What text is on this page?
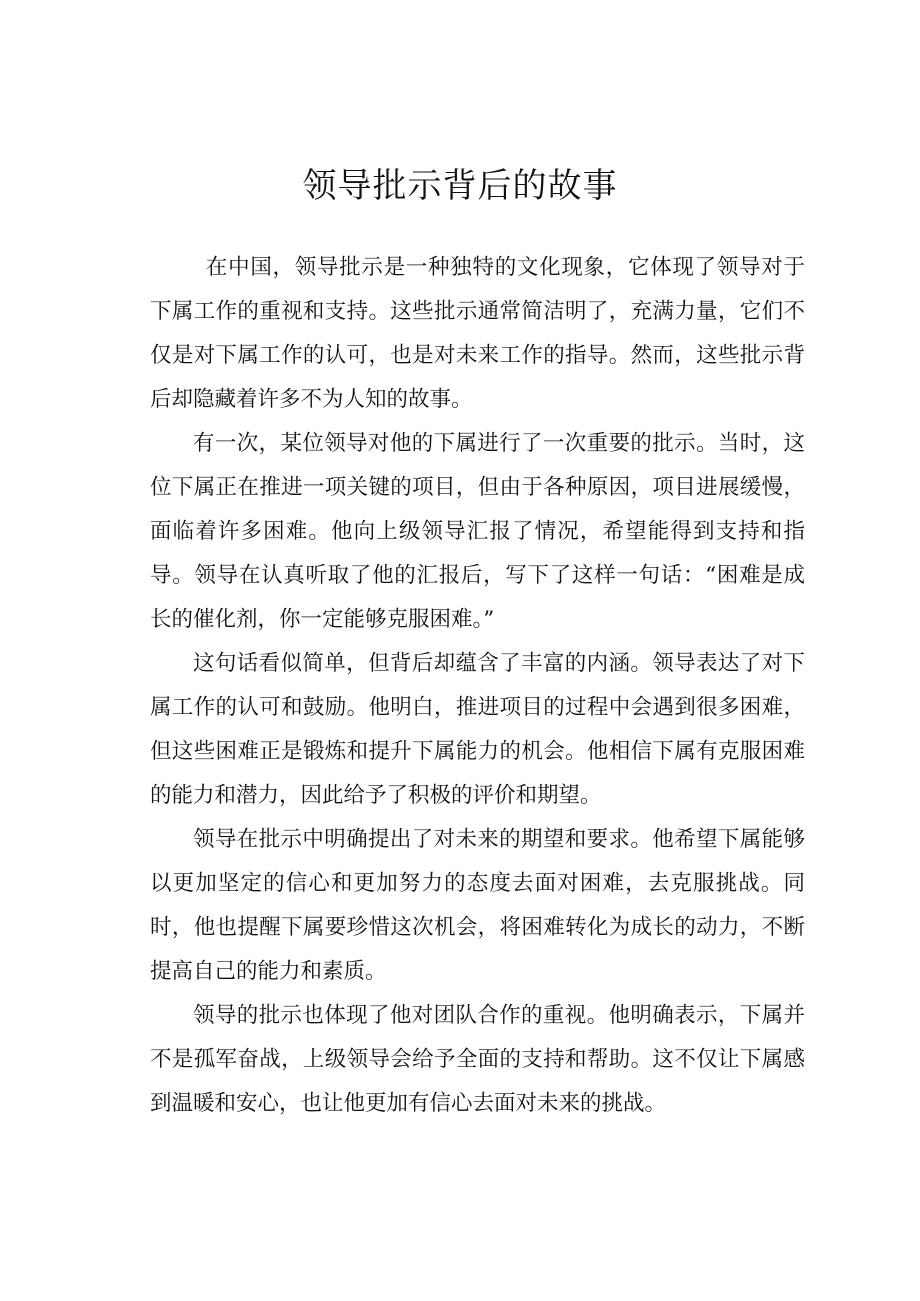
领导批示背后的故事

在中国，领导批示是一种独特的文化现象，它体现了领导对于下属工作的重视和支持。这些批示通常简洁明了，充满力量，它们不仅是对下属工作的认可，也是对未来工作的指导。然而，这些批示背后却隐藏着许多不为人知的故事。

有一次，某位领导对他的下属进行了一次重要的批示。当时，这位下属正在推进一项关键的项目，但由于各种原因，项目进展缓慢，面临着许多困难。他向上级领导汇报了情况，希望能得到支持和指导。领导在认真听取了他的汇报后，写下了这样一句话：“困难是成长的催化剂，你一定能够克服困难。”

这句话看似简单，但背后却蕴含了丰富的内涵。领导表达了对下属工作的认可和鼓励。他明白，推进项目的过程中会遇到很多困难，但这些困难正是锻炼和提升下属能力的机会。他相信下属有克服困难的能力和潜力，因此给予了积极的评价和期望。

领导在批示中明确提出了对未来的期望和要求。他希望下属能够以更加坚定的信心和更加努力的态度去面对困难，去克服挑战。同时，他也提醒下属要珍惜这次机会，将困难转化为成长的动力，不断提高自己的能力和素质。

领导的批示也体现了他对团队合作的重视。他明确表示，下属并不是孤军奋战，上级领导会给予全面的支持和帮助。这不仅让下属感到温暖和安心，也让他更加有信心去面对未来的挑战。
